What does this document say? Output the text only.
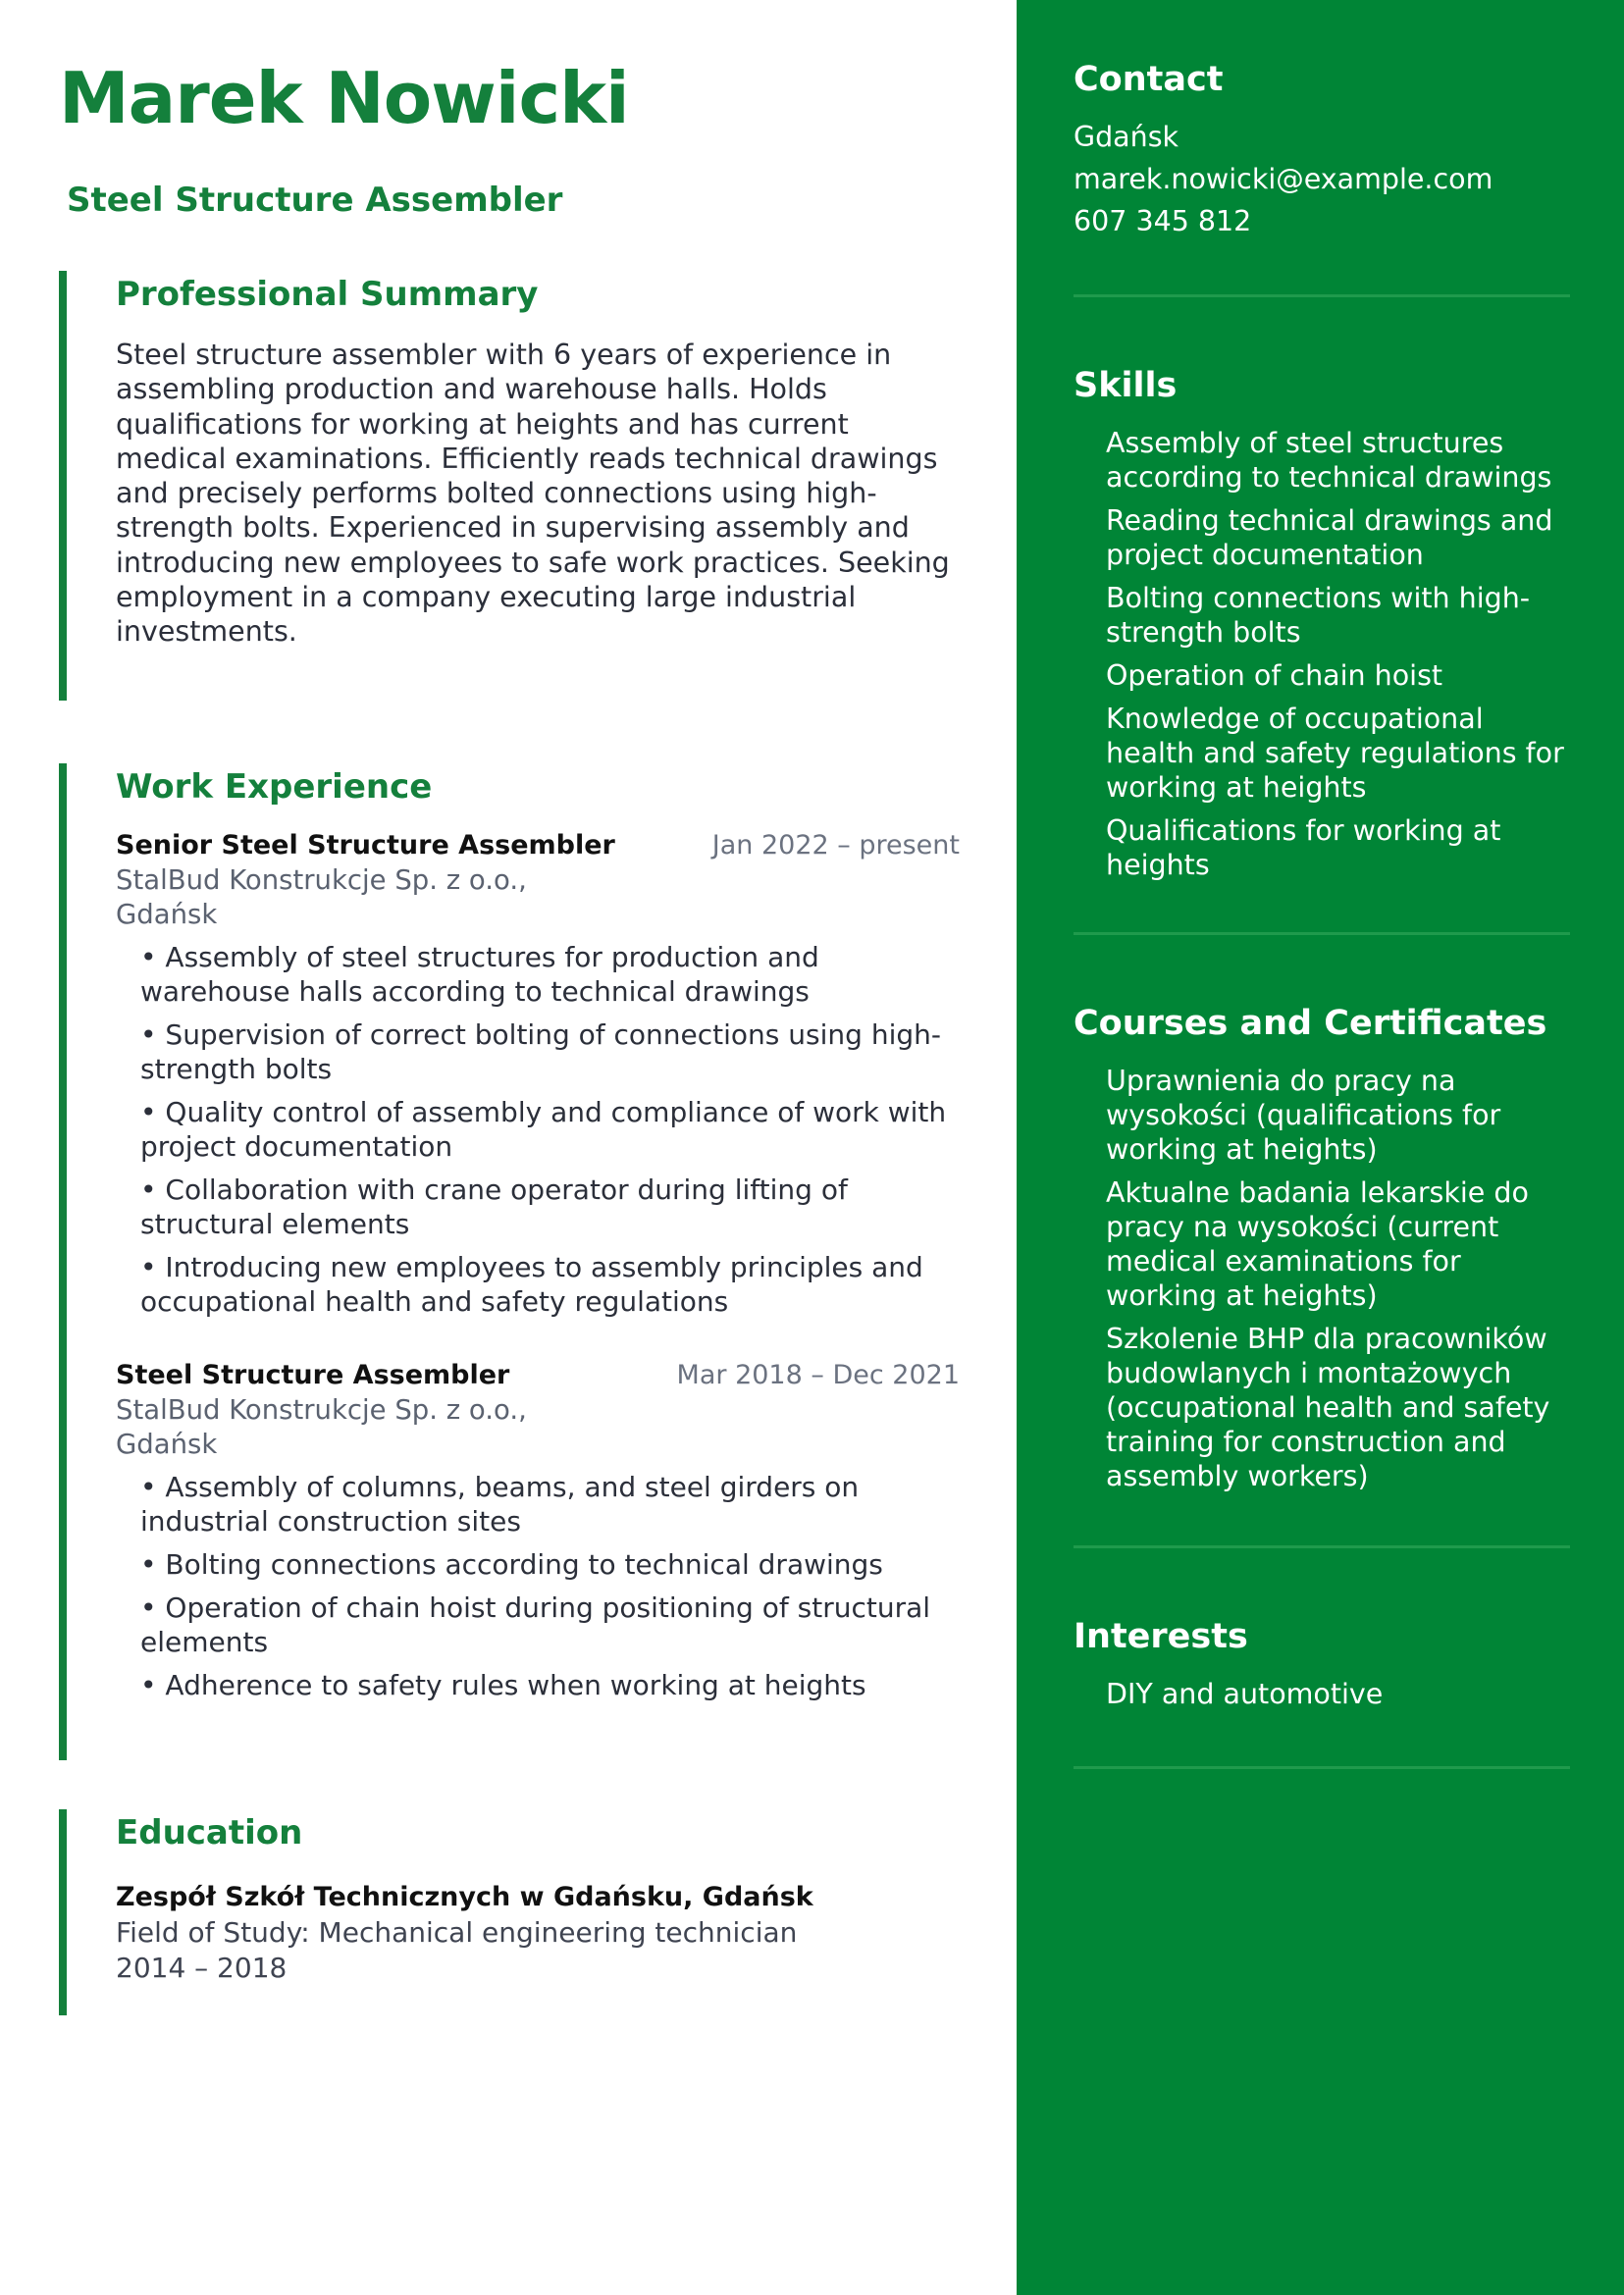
Marek Nowicki
Steel Structure Assembler
Professional Summary

Steel structure assembler with 6 years of experience in assembling production and warehouse halls. Holds qualifications for working at heights and has current medical examinations. Efficiently reads technical drawings and precisely performs bolted connections using high-strength bolts. Experienced in supervising assembly and introducing new employees to safe work practices. Seeking employment in a company executing large industrial investments.

Work Experience
Senior Steel Structure Assembler	Jan 2022 – present
StalBud Konstrukcje Sp. z o.o., Gdańsk
• Assembly of steel structures for production and warehouse halls according to technical drawings
• Supervision of correct bolting of connections using high-strength bolts
• Quality control of assembly and compliance of work with project documentation
• Collaboration with crane operator during lifting of structural elements
• Introducing new employees to assembly principles and occupational health and safety regulations
Steel Structure Assembler	Mar 2018 – Dec 2021
StalBud Konstrukcje Sp. z o.o., Gdańsk
• Assembly of columns, beams, and steel girders on industrial construction sites
• Bolting connections according to technical drawings
• Operation of chain hoist during positioning of structural elements
• Adherence to safety rules when working at heights
Education
Zespół Szkół Technicznych w Gdańsku, Gdańsk
Field of Study: Mechanical engineering technician
2014 – 2018
Contact
Gdańsk
marek.nowicki@example.com
607 345 812
Skills
Assembly of steel structures according to technical drawings
Reading technical drawings and project documentation
Bolting connections with high-strength bolts
Operation of chain hoist
Knowledge of occupational health and safety regulations for working at heights
Qualifications for working at heights
Courses and Certificates
Uprawnienia do pracy na wysokości (qualifications for working at heights)
Aktualne badania lekarskie do pracy na wysokości (current medical examinations for working at heights)
Szkolenie BHP dla pracowników budowlanych i montażowych (occupational health and safety training for construction and assembly workers)
Interests
DIY and automotive
